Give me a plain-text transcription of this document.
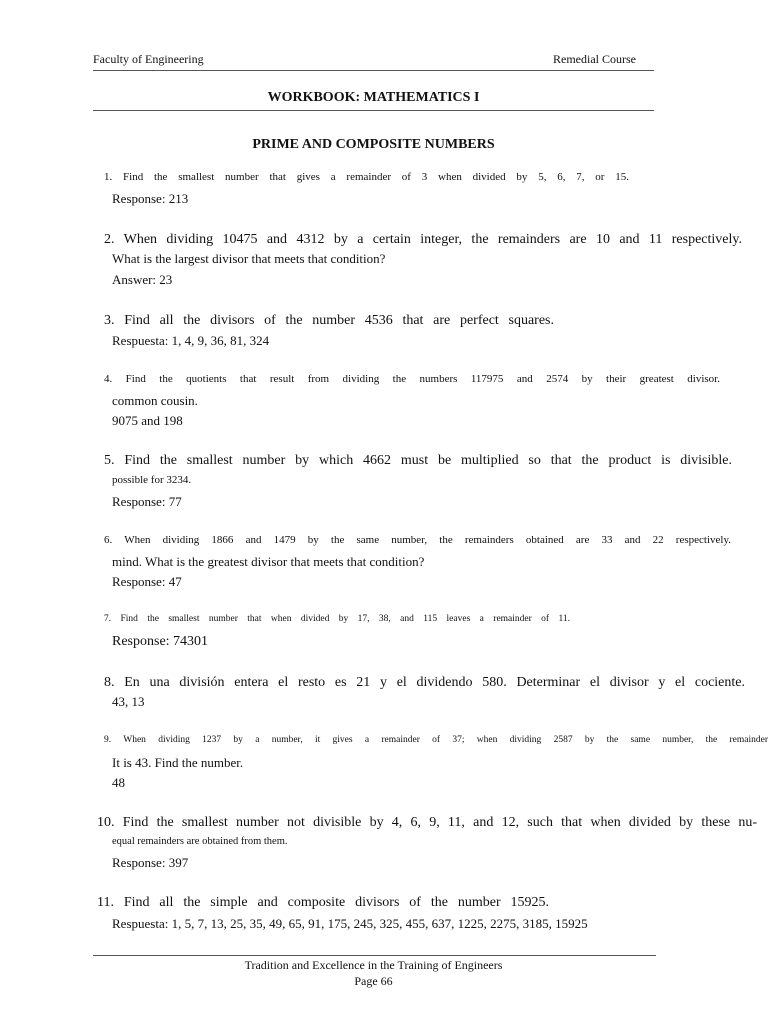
Faculty of Engineering	Remedial Course
WORKBOOK: MATHEMATICS I
PRIME AND COMPOSITE NUMBERS
1. Find the smallest number that gives a remainder of 3 when divided by 5, 6, 7, or 15.
Response: 213
2. When dividing 10475 and 4312 by a certain integer, the remainders are 10 and 11 respectively.
What is the largest divisor that meets that condition?
Answer: 23
3. Find all the divisors of the number 4536 that are perfect squares.
Respuesta: 1, 4, 9, 36, 81, 324
4. Find the quotients that result from dividing the numbers 117975 and 2574 by their greatest divisor.
common cousin.
9075 and 198
5. Find the smallest number by which 4662 must be multiplied so that the product is divisible.
possible for 3234.
Response: 77
6. When dividing 1866 and 1479 by the same number, the remainders obtained are 33 and 22 respectively.
mind. What is the greatest divisor that meets that condition?
Response: 47
7. Find the smallest number that when divided by 17, 38, and 115 leaves a remainder of 11.
Response: 74301
8. En una división entera el resto es 21 y el dividendo 580. Determinar el divisor y el cociente.
43, 13
9. When dividing 1237 by a number, it gives a remainder of 37; when dividing 2587 by the same number, the remainder
It is 43. Find the number.
48
10. Find the smallest number not divisible by 4, 6, 9, 11, and 12, such that when divided by these nu-
equal remainders are obtained from them.
Response: 397
11. Find all the simple and composite divisors of the number 15925.
Respuesta: 1, 5, 7, 13, 25, 35, 49, 65, 91, 175, 245, 325, 455, 637, 1225, 2275, 3185, 15925
Tradition and Excellence in the Training of Engineers
Page 66
